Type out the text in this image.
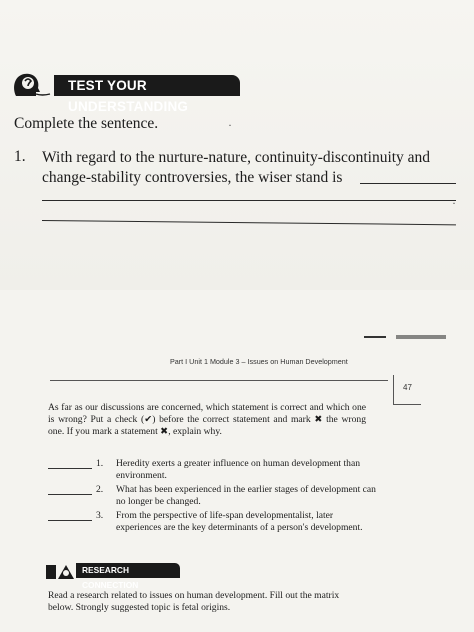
TEST YOUR UNDERSTANDING
Complete the sentence.
1. With regard to the nurture-nature, continuity-discontinuity and change-stability controversies, the wiser stand is
·
·
Part I Unit 1 Module 3 – Issues on Human Development
47
As far as our discussions are concerned, which statement is correct and which one is wrong? Put a check (✔) before the correct statement and mark ✖ the wrong one. If you mark a statement ✖, explain why.
1. Heredity exerts a greater influence on human development than environment.
2. What has been experienced in the earlier stages of development can no longer be changed.
3. From the perspective of life-span developmentalist, later experiences are the key determinants of a person's development.
RESEARCH CONNECTION
Read a research related to issues on human development. Fill out the matrix below. Strongly suggested topic is fetal origins.
